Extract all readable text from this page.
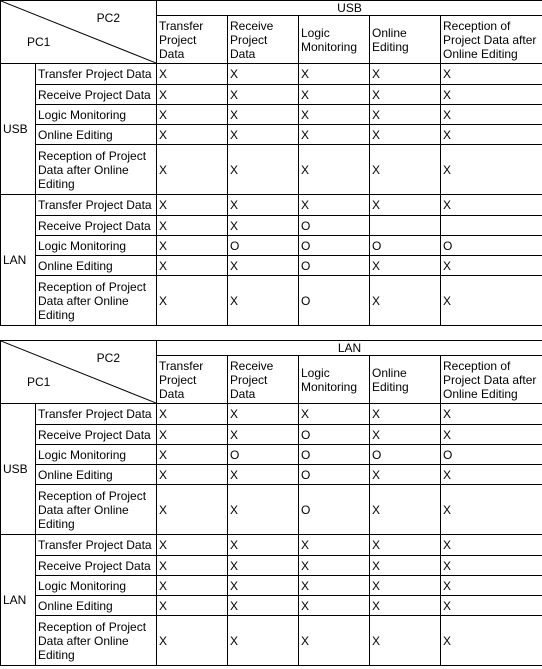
PC2
PC1		USB				
		Transfer Project Data	Receive Project Data	Logic Monitoring	Online Editing	Reception of Project Data after Online Editing
USB	Transfer Project Data	X	X	X	X	X
	Receive Project Data	X	X	X	X	X
	Logic Monitoring	X	X	X	X	X
	Online Editing	X	X	X	X	X
	Reception of Project Data after Online Editing	X	X	X	X	X
LAN	Transfer Project Data	X	X	X	X	X
	Receive Project Data	X	X	O		
	Logic Monitoring	X	O	O	O	O
	Online Editing	X	X	O	X	X
	Reception of Project Data after Online Editing	X	X	O	X	X
PC2
PC1		LAN				
		Transfer Project Data	Receive Project Data	Logic Monitoring	Online Editing	Reception of Project Data after Online Editing
USB	Transfer Project Data	X	X	X	X	X
	Receive Project Data	X	X	O	X	X
	Logic Monitoring	X	O	O	O	O
	Online Editing	X	X	O	X	X
	Reception of Project Data after Online Editing	X	X	O	X	X
LAN	Transfer Project Data	X	X	X	X	X
	Receive Project Data	X	X	X	X	X
	Logic Monitoring	X	X	X	X	X
	Online Editing	X	X	X	X	X
	Reception of Project Data after Online Editing	X	X	X	X	X
